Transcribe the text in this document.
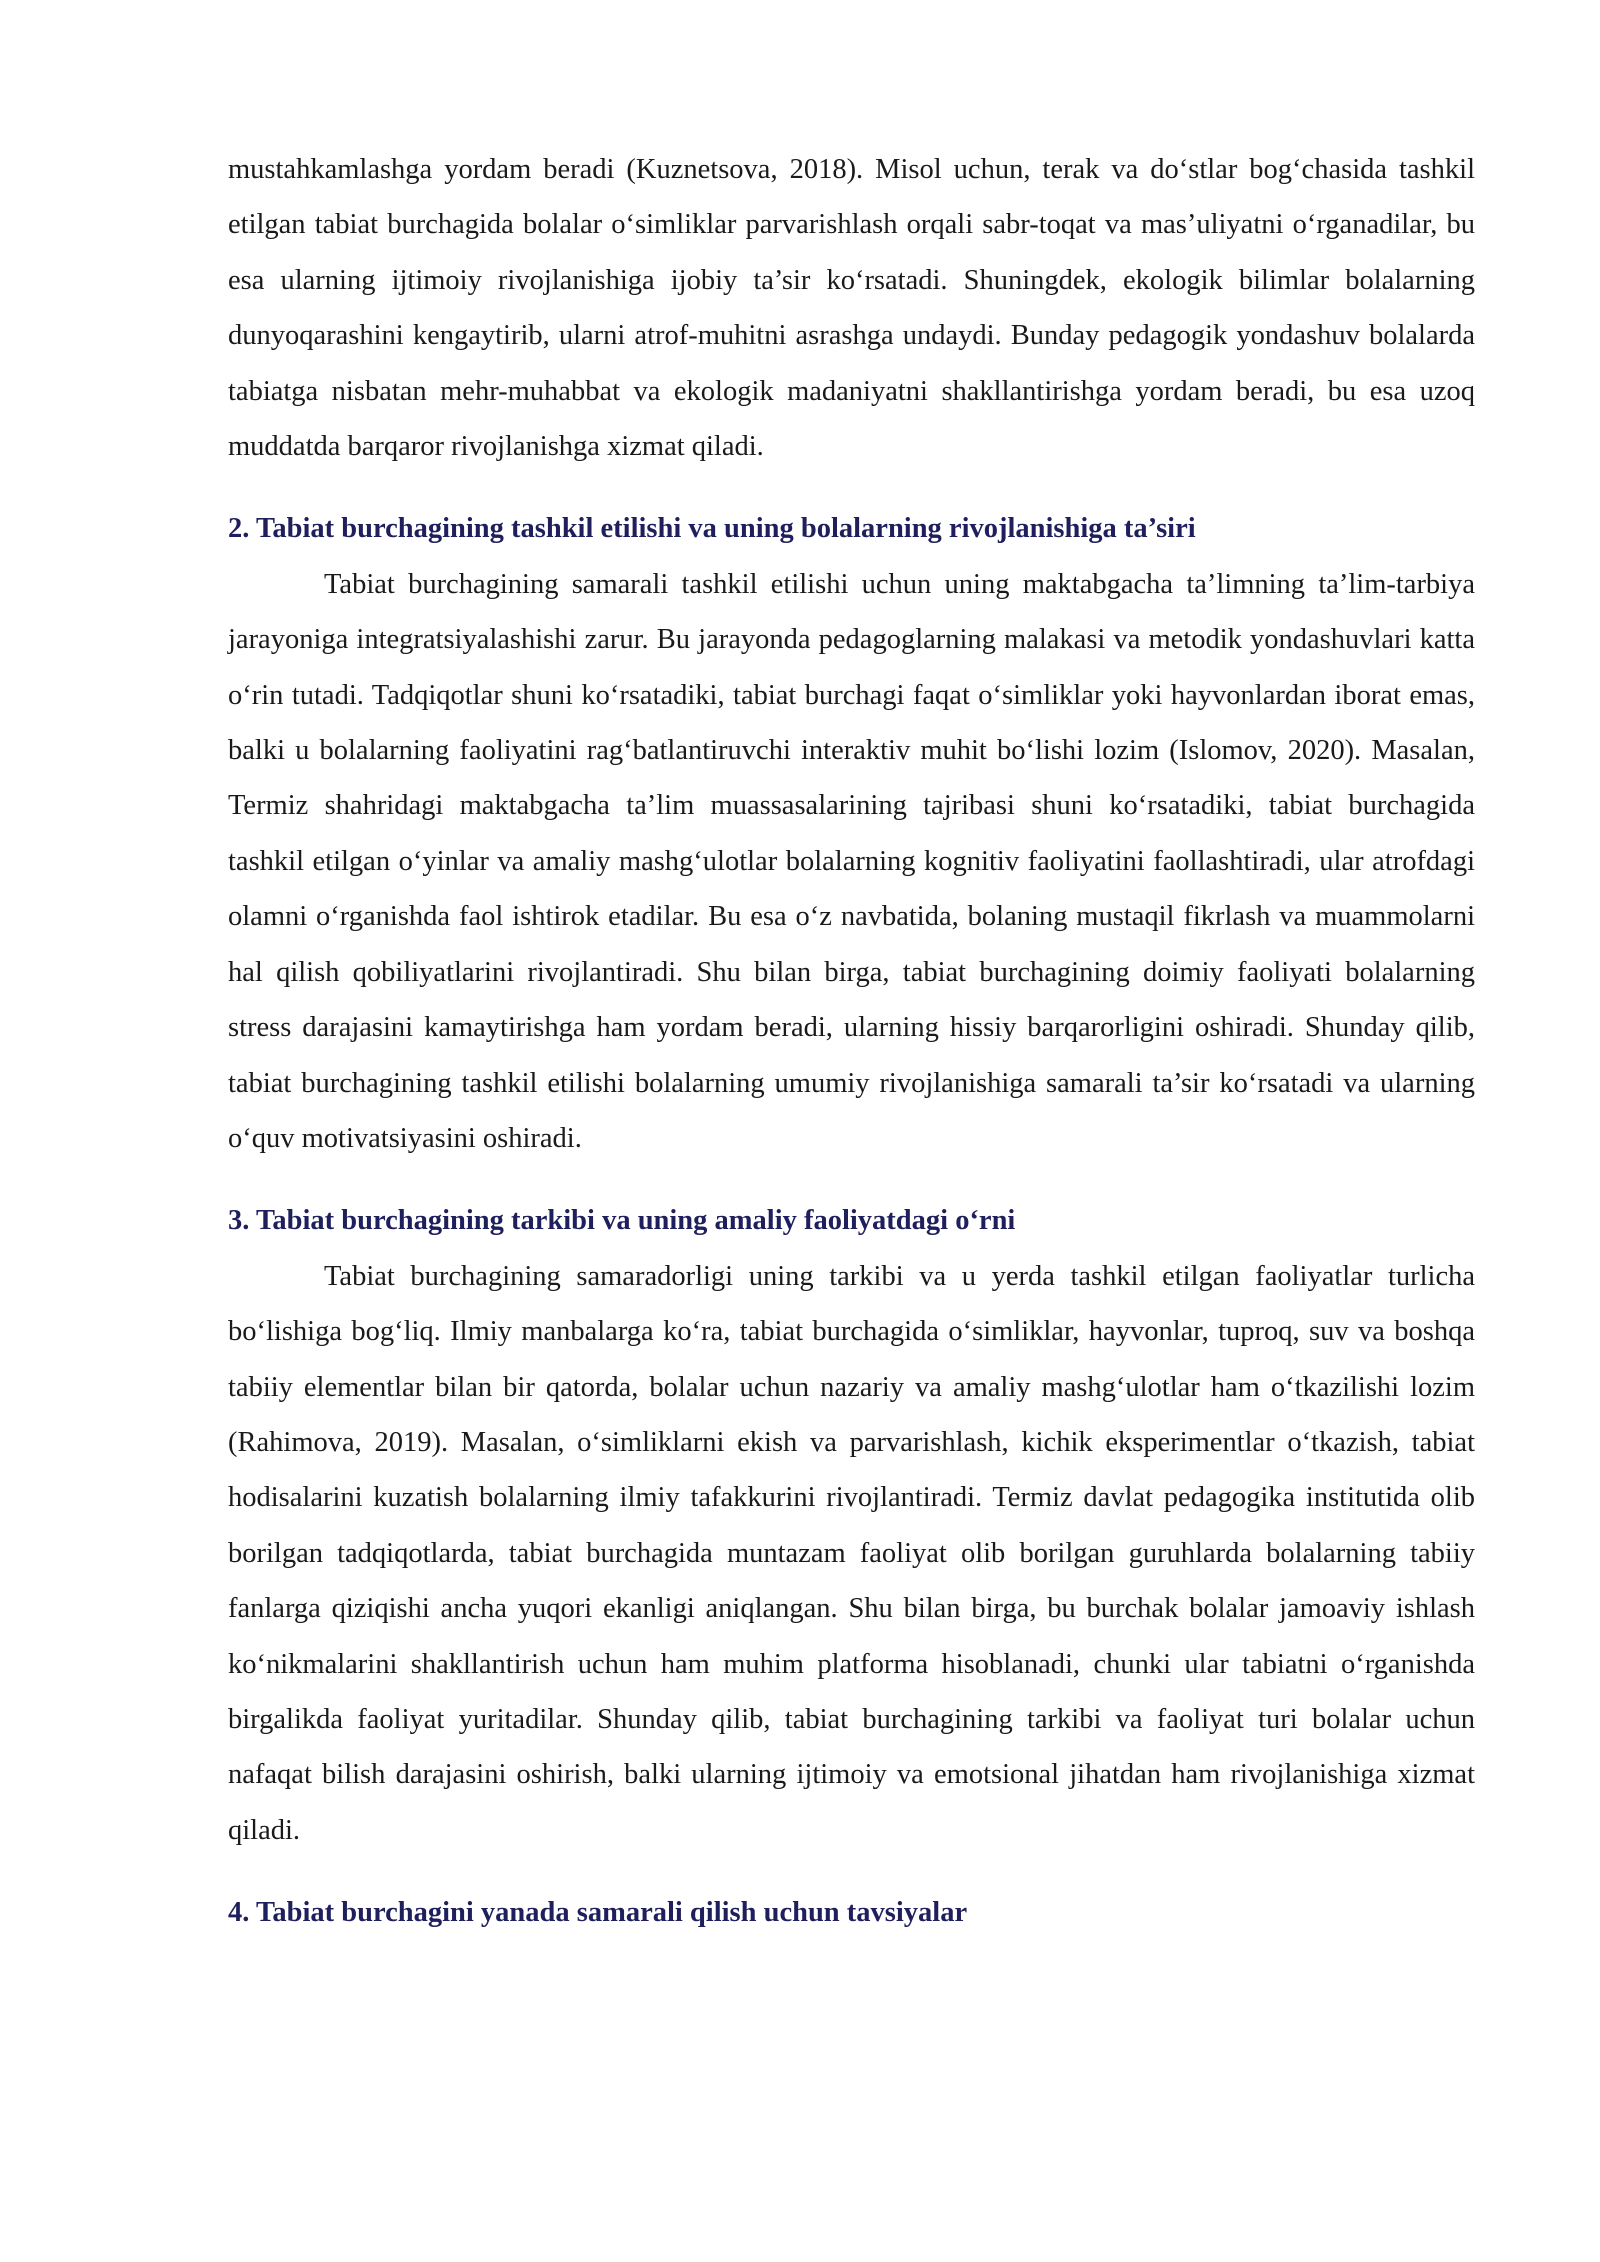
mustahkamlashga yordam beradi (Kuznetsova, 2018). Misol uchun, terak va do‘stlar bog‘chasida tashkil etilgan tabiat burchagida bolalar o‘simliklar parvarishlash orqali sabr-toqat va mas’uliyatni o‘rganadilar, bu esa ularning ijtimoiy rivojlanishiga ijobiy ta’sir ko‘rsatadi. Shuningdek, ekologik bilimlar bolalarning dunyoqarashini kengaytirib, ularni atrof-muhitni asrashga undaydi. Bunday pedagogik yondashuv bolalarda tabiatga nisbatan mehr-muhabbat va ekologik madaniyatni shakllantirishga yordam beradi, bu esa uzoq muddatda barqaror rivojlanishga xizmat qiladi.

2. Tabiat burchagining tashkil etilishi va uning bolalarning rivojlanishiga ta’siri

Tabiat burchagining samarali tashkil etilishi uchun uning maktabgacha ta’limning ta’lim-tarbiya jarayoniga integratsiyalashishi zarur. Bu jarayonda pedagoglarning malakasi va metodik yondashuvlari katta o‘rin tutadi. Tadqiqotlar shuni ko‘rsatadiki, tabiat burchagi faqat o‘simliklar yoki hayvonlardan iborat emas, balki u bolalarning faoliyatini rag‘batlantiruvchi interaktiv muhit bo‘lishi lozim (Islomov, 2020). Masalan, Termiz shahridagi maktabgacha ta’lim muassasalarining tajribasi shuni ko‘rsatadiki, tabiat burchagida tashkil etilgan o‘yinlar va amaliy mashg‘ulotlar bolalarning kognitiv faoliyatini faollashtiradi, ular atrofdagi olamni o‘rganishda faol ishtirok etadilar. Bu esa o‘z navbatida, bolaning mustaqil fikrlash va muammolarni hal qilish qobiliyatlarini rivojlantiradi. Shu bilan birga, tabiat burchagining doimiy faoliyati bolalarning stress darajasini kamaytirishga ham yordam beradi, ularning hissiy barqarorligini oshiradi. Shunday qilib, tabiat burchagining tashkil etilishi bolalarning umumiy rivojlanishiga samarali ta’sir ko‘rsatadi va ularning o‘quv motivatsiyasini oshiradi.

3. Tabiat burchagining tarkibi va uning amaliy faoliyatdagi o‘rni

Tabiat burchagining samaradorligi uning tarkibi va u yerda tashkil etilgan faoliyatlar turlicha bo‘lishiga bog‘liq. Ilmiy manbalarga ko‘ra, tabiat burchagida o‘simliklar, hayvonlar, tuproq, suv va boshqa tabiiy elementlar bilan bir qatorda, bolalar uchun nazariy va amaliy mashg‘ulotlar ham o‘tkazilishi lozim (Rahimova, 2019). Masalan, o‘simliklarni ekish va parvarishlash, kichik eksperimentlar o‘tkazish, tabiat hodisalarini kuzatish bolalarning ilmiy tafakkurini rivojlantiradi. Termiz davlat pedagogika institutida olib borilgan tadqiqotlarda, tabiat burchagida muntazam faoliyat olib borilgan guruhlarda bolalarning tabiiy fanlarga qiziqishi ancha yuqori ekanligi aniqlangan. Shu bilan birga, bu burchak bolalar jamoaviy ishlash ko‘nikmalarini shakllantirish uchun ham muhim platforma hisoblanadi, chunki ular tabiatni o‘rganishda birgalikda faoliyat yuritadilar. Shunday qilib, tabiat burchagining tarkibi va faoliyat turi bolalar uchun nafaqat bilish darajasini oshirish, balki ularning ijtimoiy va emotsional jihatdan ham rivojlanishiga xizmat qiladi.

4. Tabiat burchagini yanada samarali qilish uchun tavsiyalar
